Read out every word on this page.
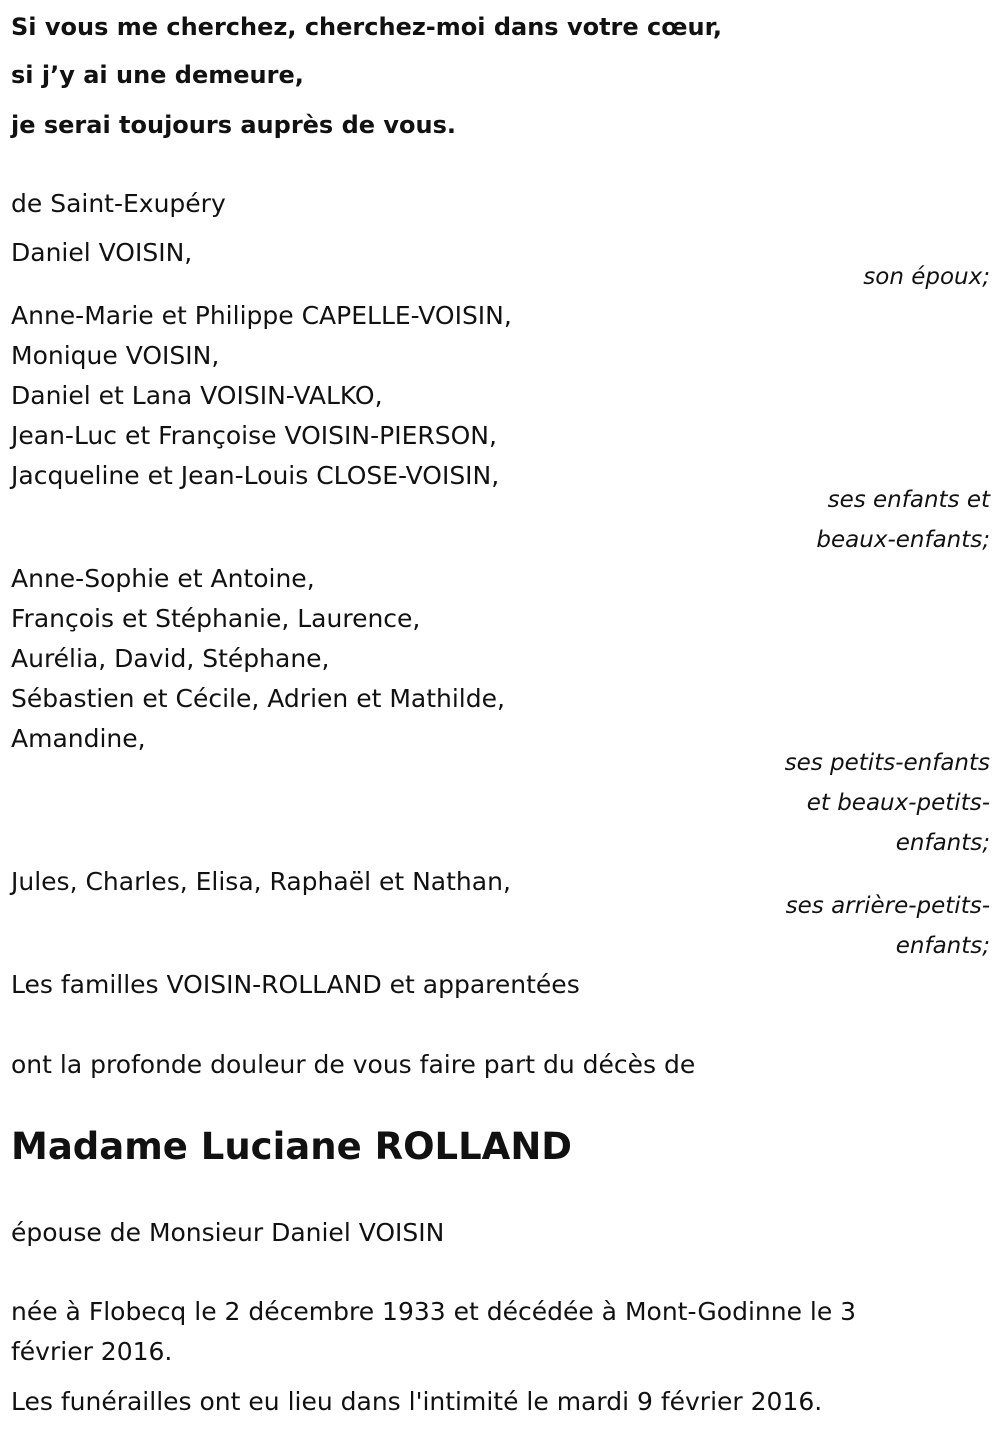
Si vous me cherchez, cherchez-moi dans votre cœur,

si j’y ai une demeure,

je serai toujours auprès de vous.

de Saint-Exupéry

Daniel VOISIN,

son époux;

Anne-Marie et Philippe CAPELLE-VOISIN,

Monique VOISIN,

Daniel et Lana VOISIN-VALKO,

Jean-Luc et Françoise VOISIN-PIERSON,

Jacqueline et Jean-Louis CLOSE-VOISIN,

ses enfants et

beaux-enfants;

Anne-Sophie et Antoine,

François et Stéphanie, Laurence,

Aurélia, David, Stéphane,

Sébastien et Cécile, Adrien et Mathilde,

Amandine,

ses petits-enfants

et beaux-petits-

enfants;

Jules, Charles, Elisa, Raphaël et Nathan,

ses arrière-petits-

enfants;

Les familles VOISIN-ROLLAND et apparentées

ont la profonde douleur de vous faire part du décès de

Madame Luciane ROLLAND

épouse de Monsieur Daniel VOISIN

née à Flobecq le 2 décembre 1933 et décédée à Mont-Godinne le 3 février 2016.

Les funérailles ont eu lieu dans l'intimité le mardi 9 février 2016.
